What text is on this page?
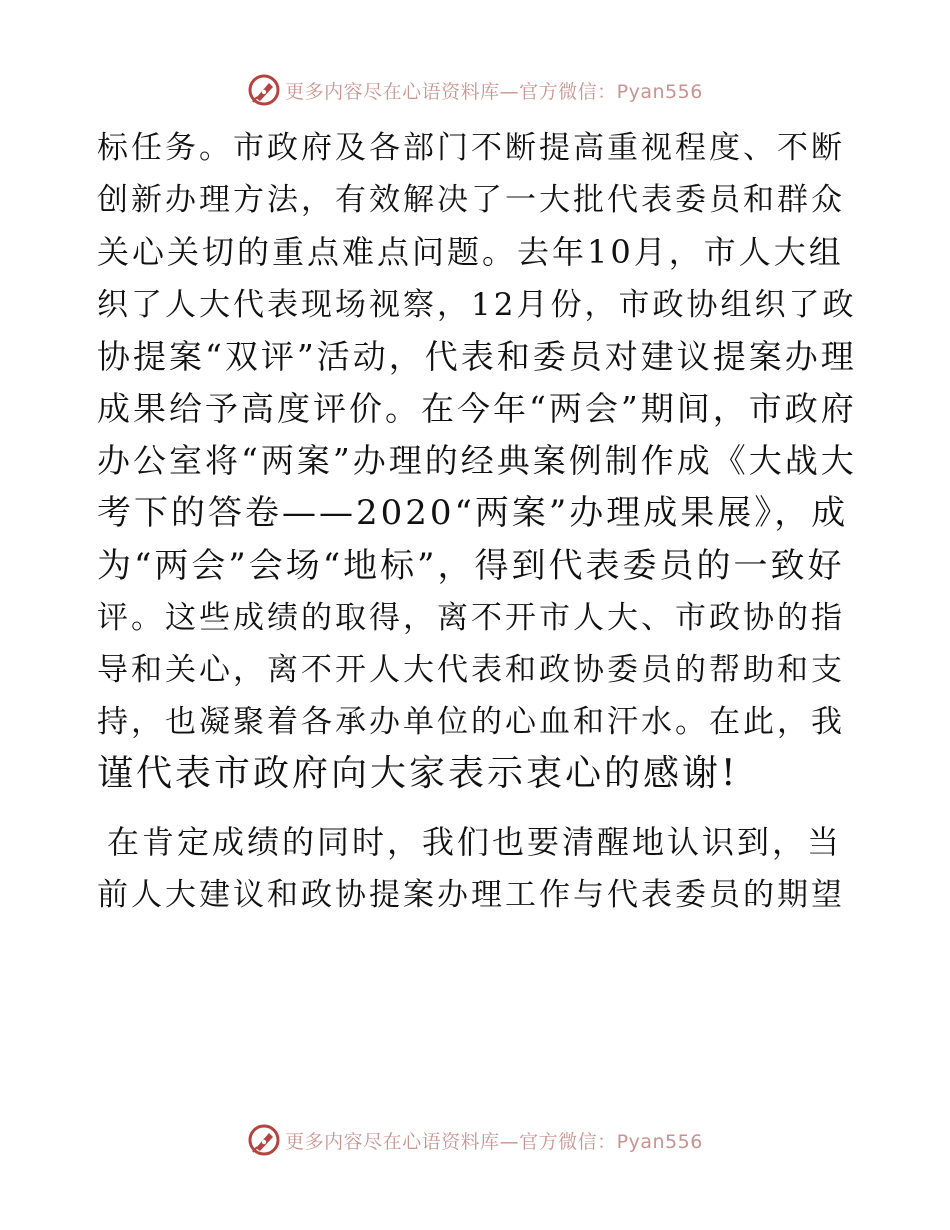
更多内容尽在心语资料库—官方微信：Pyan556
标任务。市政府及各部门不断提高重视程度、不断
创新办理方法，有效解决了一大批代表委员和群众
关心关切的重点难点问题。去年10月，市人大组
织了人大代表现场视察，12月份，市政协组织了政
协提案“双评”活动，代表和委员对建议提案办理
成果给予高度评价。在今年“两会”期间，市政府
办公室将“两案”办理的经典案例制作成《大战大
考下的答卷——2020“两案”办理成果展》，成
为“两会”会场“地标”，得到代表委员的一致好
评。这些成绩的取得，离不开市人大、市政协的指
导和关心，离不开人大代表和政协委员的帮助和支
持，也凝聚着各承办单位的心血和汗水。在此，我
谨代表市政府向大家表示衷心的感谢!
在肯定成绩的同时，我们也要清醒地认识到，当
前人大建议和政协提案办理工作与代表委员的期望
更多内容尽在心语资料库—官方微信：Pyan556
